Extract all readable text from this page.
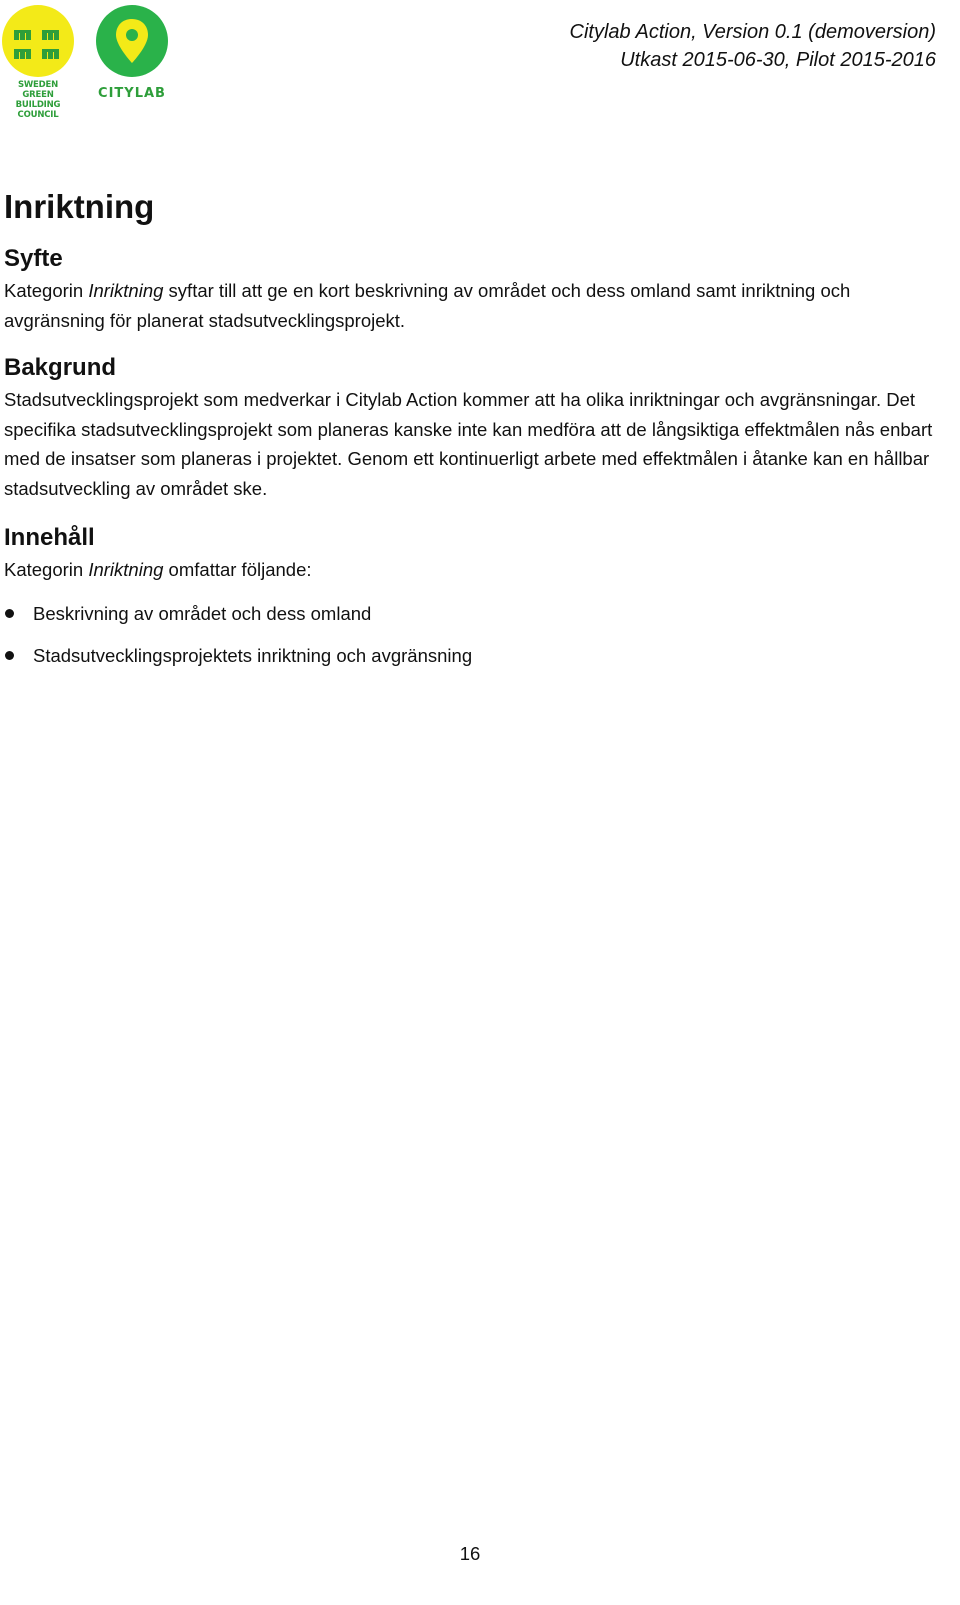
SWEDEN GREEN BUILDING COUNCIL
CITYLAB
Citylab Action, Version 0.1 (demoversion)
Utkast 2015-06-30, Pilot 2015-2016
Inriktning
Syfte

Kategorin Inriktning syftar till att ge en kort beskrivning av området och dess omland samt inriktning och avgränsning för planerat stadsutvecklingsprojekt.

Bakgrund

Stadsutvecklingsprojekt som medverkar i Citylab Action kommer att ha olika inriktningar och avgränsningar. Det specifika stadsutvecklingsprojekt som planeras kanske inte kan medföra att de långsiktiga effektmålen nås enbart med de insatser som planeras i projektet. Genom ett kontinuerligt arbete med effektmålen i åtanke kan en hållbar stadsutveckling av området ske.

Innehåll

Kategorin Inriktning omfattar följande:

Beskrivning av området och dess omland
Stadsutvecklingsprojektets inriktning och avgränsning
16
